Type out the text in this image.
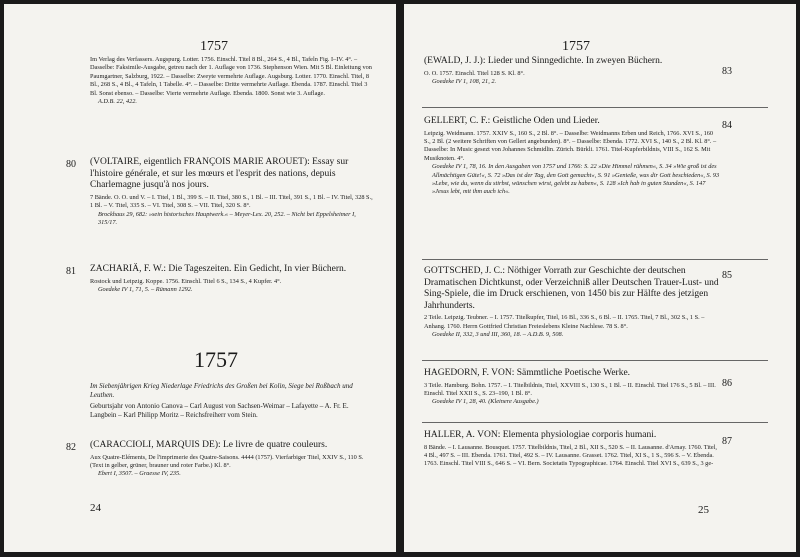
1757
Im Verlag des Verfassers. Augspurg. Lotter. 1756. Einschl. Titel 8 Bl., 264 S., 4 Bl., Tafeln Fig. I–IV. 4°. – Dasselbe: Faksimile-Ausgabe, getreu nach der 1. Auflage von 1736. Stephenson Wien. Mit 5 Bl. Einleitung von Paumgartner, Salzburg, 1922. – Dasselbe: Zweyte vermehrte Auflage. Augsburg. Lotter. 1770. Einschl. Titel, 8 Bl., 268 S., 4 Bl., 4 Tafeln, 1 Tabelle. 4°. – Dasselbe: Dritte vermehrte Auflage. Ebenda. 1787. Einschl. Titel 3 Bl. Sonst ebenso. – Dasselbe: Vierte vermehrte Auflage. Ebenda. 1800. Sonst wie 3. Auflage.
A.D.B. 22, 422.
80 (VOLTAIRE, eigentlich FRANÇOIS MARIE AROUET): Essay sur l'histoire générale, et sur les mœurs et l'esprit des nations, depuis Charlemagne jusqu'à nos jours.
7 Bände. O. O. und V. – I. Titel, 1 Bl., 399 S. – II. Titel, 380 S., 1 Bl. – III. Titel, 391 S., 1 Bl. – IV. Titel, 328 S., 1 Bl. – V. Titel, 335 S. – VI. Titel, 308 S. – VII. Titel, 320 S. 8°.
Brockhaus 29, 682: »sein historisches Hauptwerk.« – Meyer-Lex. 20, 252. – Nicht bei Eppelsheimer I, 315/17.
81 ZACHARIÄ, F. W.: Die Tageszeiten. Ein Gedicht, In vier Büchern.
Rostock und Leipzig. Koppe. 1756. Einschl. Titel 6 S., 134 S., 4 Kupfer. 4°.
Goedeke IV 1, 71, 5. – Rümann 1292.
1757
Im Siebenjährigen Krieg Niederlage Friedrichs des Großen bei Kolin, Siege bei Roßbach und Leuthen.
Geburtsjahr von Antonio Canova – Carl August von Sachsen-Weimar – Lafayette – A. Fr. E. Langbein – Karl Philipp Moritz – Reichsfreiherr vom Stein.
82 (CARACCIOLI, MARQUIS DE): Le livre de quatre couleurs.
Aux Quatre-Eléments, De l'imprimerie des Quatre-Saisons. 4444 (1757). Vierfarbiger Titel, XXIV S., 110 S. (Text in gelber, grüner, brauner und roter Farbe.) Kl. 8°.
Ebert I, 3507. – Graesse IV, 235.
24
1757
(EWALD, J. J.): Lieder und Sinngedichte. In zweyen Büchern.
O. O. 1757. Einschl. Titel 128 S. Kl. 8°.
Goedeke IV 1, 108, 21, 2.
83
GELLERT, C. F.: Geistliche Oden und Lieder.
Leipzig. Weidmann. 1757. XXIV S., 160 S., 2 Bl. 8°. – Dasselbe: Weidmanns Erben und Reich, 1766. XVI S., 160 S., 2 Bl. (2 weitere Schriften von Gellert angebunden). 8°. – Dasselbe: Ebenda. 1772. XVI S., 140 S., 2 Bl. Kl. 8°. – Dasselbe: In Music gesezt von Johannes Schmidlin. Zürich. Bürkli. 1761. Titel-Kupferbildnis, VIII S., 162 S. Mit Musiknoten. 4°.
Goedeke IV 1, 78, 16. In den Ausgaben von 1757 und 1766: S. 22 »Die Himmel rühmen«, S. 34 »Wie groß ist des Allmächtigen Güte!«, S. 72 »Das ist der Tag, den Gott gemacht«, S. 91 »Genieße, was dir Gott beschieden«, S. 93 »Lebe, wie du, wenn du stirbst, wünschen wirst, gelebt zu haben«, S. 128 »Ich hab in guten Stunden«, S. 147 »Jesus lebt, mit ihm auch ich«.
84
GOTTSCHED, J. C.: Nöthiger Vorrath zur Geschichte der deutschen Dramatischen Dichtkunst, oder Verzeichniß aller Deutschen Trauer-Lust- und Sing-Spiele, die im Druck erschienen, von 1450 bis zur Hälfte des jetzigen Jahrhunderts.
2 Teile. Leipzig. Teubner. – I. 1757. Titelkupfer, Titel, 16 Bl., 336 S., 6 Bl. – II. 1765. Titel, 7 Bl., 302 S., 1 S. – Anhang. 1760. Herrn Gottfried Christian Freieslebens Kleine Nachlese. 78 S. 8°.
Goedeke II, 332, 3 und III, 360, 18. – A.D.B. 9, 508.
85
HAGEDORN, F. VON: Sämmtliche Poetische Werke.
3 Teile. Hamburg. Bohn. 1757. – I. Titelbildnis, Titel, XXVIII S., 130 S., 1 Bl. – II. Einschl. Titel 176 S., 5 Bl. – III. Einschl. Titel XXII S., S. 23–190, 1 Bl. 8°.
Goedeke IV 1, 28, 40. (Kleinere Ausgabe.)
86
HALLER, A. VON: Elementa physiologiae corporis humani.
8 Bände. – I. Lausanne. Bousquet. 1757. Titelbildnis, Titel, 2 Bl., XII S., 520 S. – II. Lausanne. d'Arnay. 1760. Titel, 4 Bl., 497 S. – III. Ebenda. 1761. Titel, 492 S. – IV. Lausanne. Grasset. 1762. Titel, XI S., 1 S., 596 S. – V. Ebenda. 1763. Einschl. Titel VIII S., 646 S. – VI. Bern. Societatis Typographicae. 1764. Einschl. Titel XVI S., 639 S., 3 ge-
87
25
